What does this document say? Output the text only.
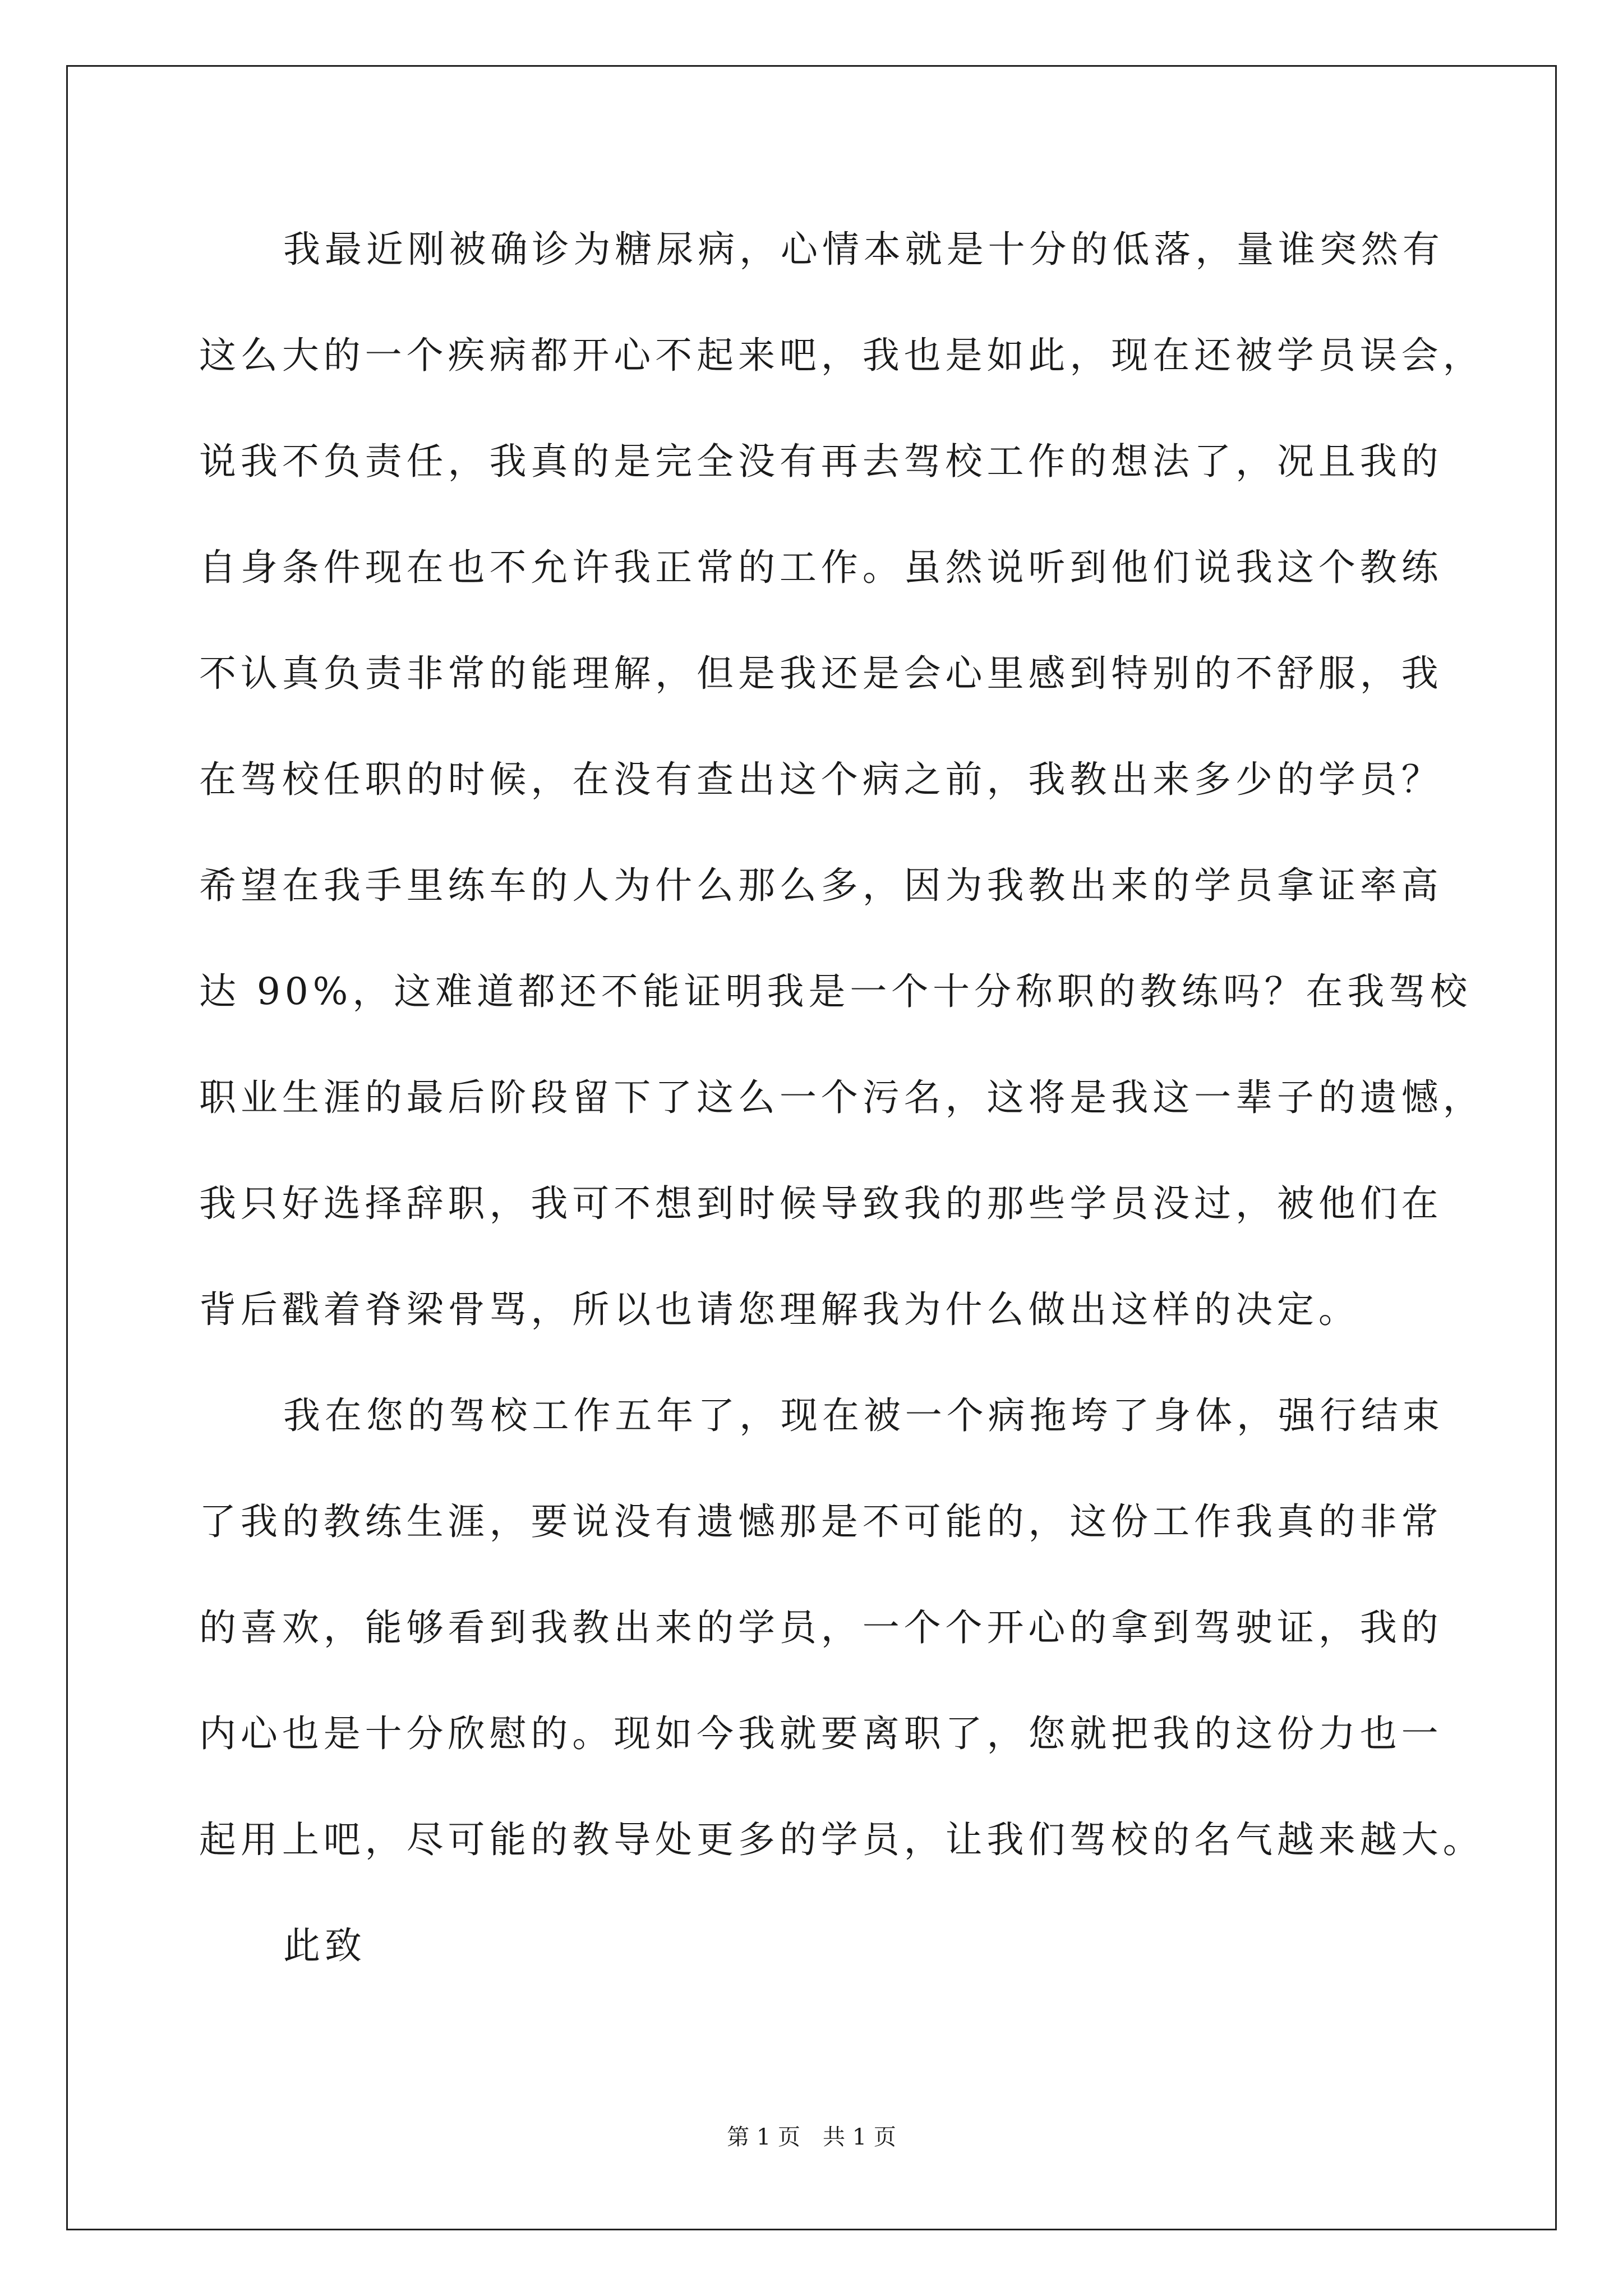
我最近刚被确诊为糖尿病，心情本就是十分的低落，量谁突然有
这么大的一个疾病都开心不起来吧，我也是如此，现在还被学员误会，
说我不负责任，我真的是完全没有再去驾校工作的想法了，况且我的
自身条件现在也不允许我正常的工作。虽然说听到他们说我这个教练
不认真负责非常的能理解，但是我还是会心里感到特别的不舒服，我
在驾校任职的时候，在没有查出这个病之前，我教出来多少的学员？
希望在我手里练车的人为什么那么多，因为我教出来的学员拿证率高
达 90%，这难道都还不能证明我是一个十分称职的教练吗？在我驾校
职业生涯的最后阶段留下了这么一个污名，这将是我这一辈子的遗憾，
我只好选择辞职，我可不想到时候导致我的那些学员没过，被他们在
背后戳着脊梁骨骂，所以也请您理解我为什么做出这样的决定。
我在您的驾校工作五年了，现在被一个病拖垮了身体，强行结束
了我的教练生涯，要说没有遗憾那是不可能的，这份工作我真的非常
的喜欢，能够看到我教出来的学员，一个个开心的拿到驾驶证，我的
内心也是十分欣慰的。现如今我就要离职了，您就把我的这份力也一
起用上吧，尽可能的教导处更多的学员，让我们驾校的名气越来越大。
此致
第 1 页　共 1 页
